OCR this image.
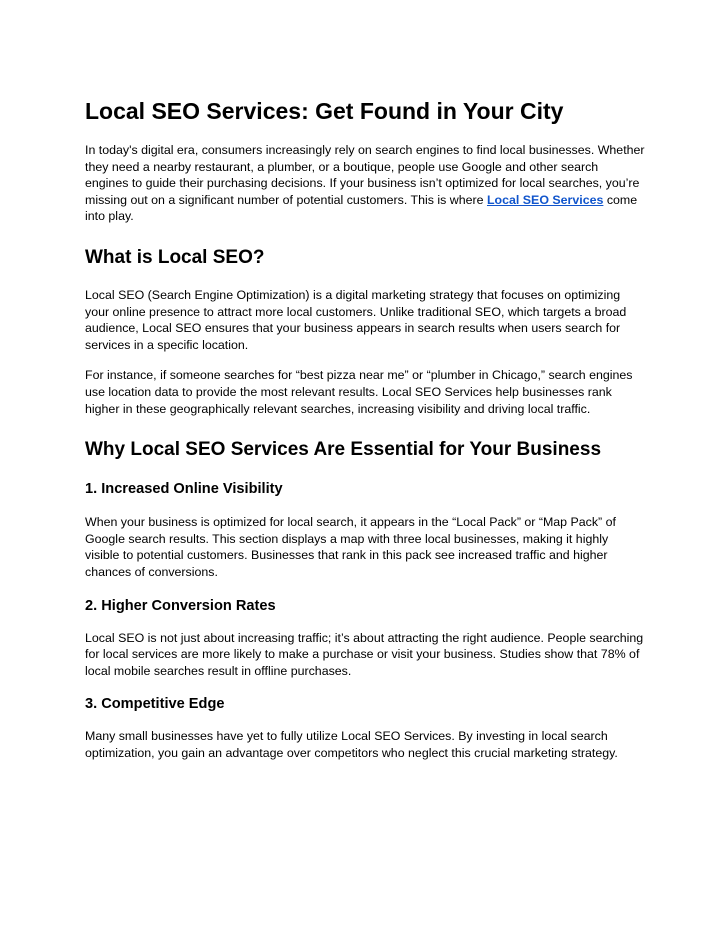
Local SEO Services: Get Found in Your City

In today's digital era, consumers increasingly rely on search engines to find local businesses. Whether they need a nearby restaurant, a plumber, or a boutique, people use Google and other search engines to guide their purchasing decisions. If your business isn’t optimized for local searches, you’re missing out on a significant number of potential customers. This is where Local SEO Services come into play.

What is Local SEO?

Local SEO (Search Engine Optimization) is a digital marketing strategy that focuses on optimizing your online presence to attract more local customers. Unlike traditional SEO, which targets a broad audience, Local SEO ensures that your business appears in search results when users search for services in a specific location.

For instance, if someone searches for “best pizza near me” or “plumber in Chicago,” search engines use location data to provide the most relevant results. Local SEO Services help businesses rank higher in these geographically relevant searches, increasing visibility and driving local traffic.

Why Local SEO Services Are Essential for Your Business
1. Increased Online Visibility

When your business is optimized for local search, it appears in the “Local Pack” or “Map Pack” of Google search results. This section displays a map with three local businesses, making it highly visible to potential customers. Businesses that rank in this pack see increased traffic and higher chances of conversions.

2. Higher Conversion Rates

Local SEO is not just about increasing traffic; it’s about attracting the right audience. People searching for local services are more likely to make a purchase or visit your business. Studies show that 78% of local mobile searches result in offline purchases.

3. Competitive Edge

Many small businesses have yet to fully utilize Local SEO Services. By investing in local search optimization, you gain an advantage over competitors who neglect this crucial marketing strategy.
